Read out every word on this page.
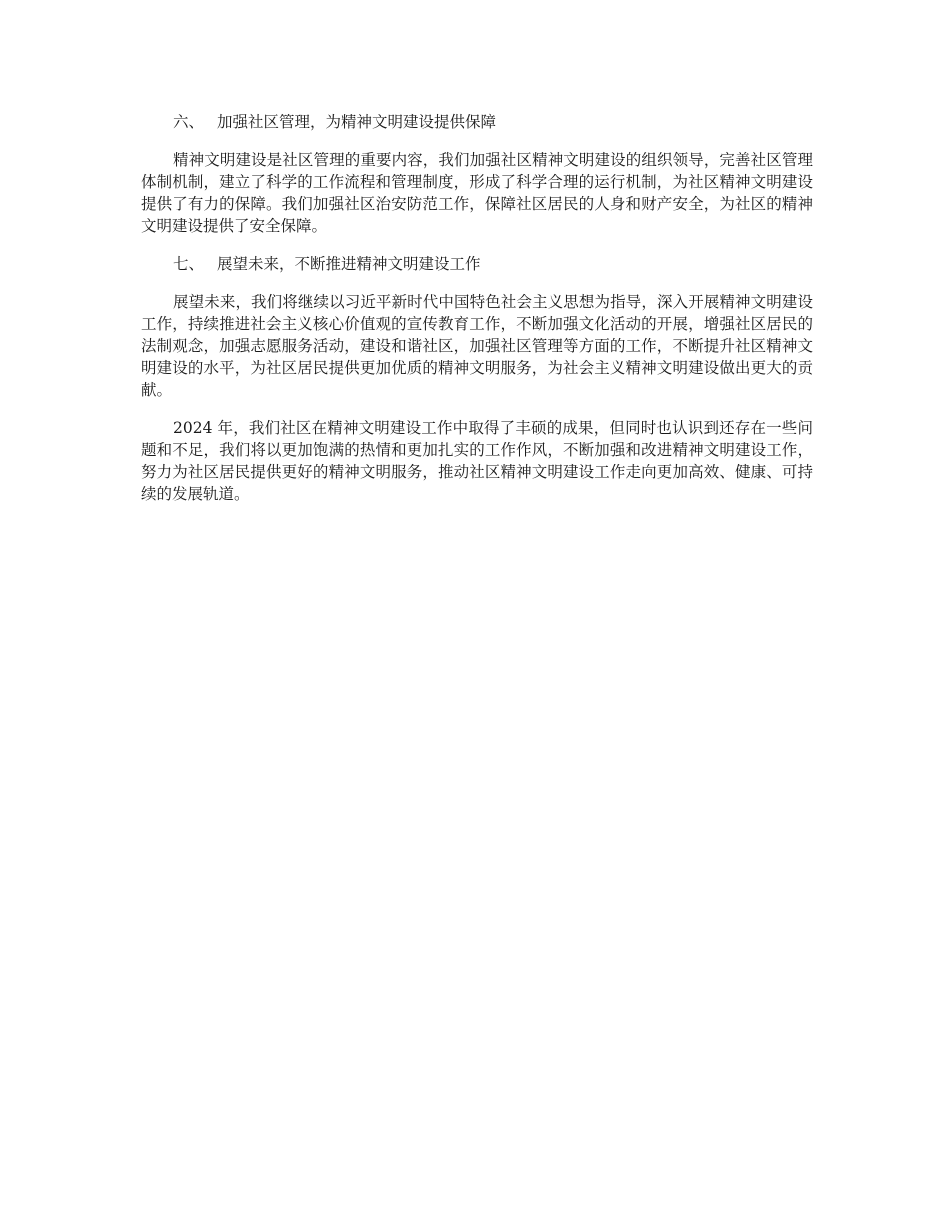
六、 加强社区管理，为精神文明建设提供保障

精神文明建设是社区管理的重要内容，我们加强社区精神文明建设的组织领导，完善社区管理体制机制，建立了科学的工作流程和管理制度，形成了科学合理的运行机制，为社区精神文明建设提供了有力的保障。我们加强社区治安防范工作，保障社区居民的人身和财产安全，为社区的精神文明建设提供了安全保障。

七、 展望未来，不断推进精神文明建设工作

展望未来，我们将继续以习近平新时代中国特色社会主义思想为指导，深入开展精神文明建设工作，持续推进社会主义核心价值观的宣传教育工作，不断加强文化活动的开展，增强社区居民的法制观念，加强志愿服务活动，建设和谐社区，加强社区管理等方面的工作，不断提升社区精神文明建设的水平，为社区居民提供更加优质的精神文明服务，为社会主义精神文明建设做出更大的贡献。

2024 年，我们社区在精神文明建设工作中取得了丰硕的成果，但同时也认识到还存在一些问题和不足，我们将以更加饱满的热情和更加扎实的工作作风，不断加强和改进精神文明建设工作，努力为社区居民提供更好的精神文明服务，推动社区精神文明建设工作走向更加高效、健康、可持续的发展轨道。
